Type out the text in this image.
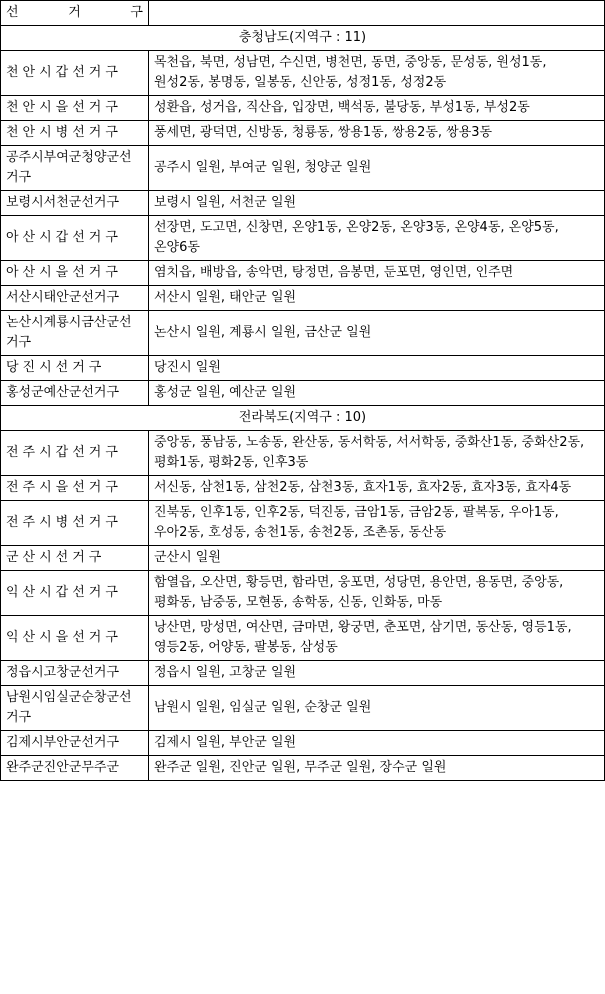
선 거 구	
충청남도(지역구 : 11)	
천안시갑선거구	목천읍, 북면, 성남면, 수신면, 병천면, 동면, 중앙동, 문성동, 원성1동, 원성2동, 봉명동, 일봉동, 신안동, 성정1동, 성정2동
천안시을선거구	성환읍, 성거읍, 직산읍, 입장면, 백석동, 불당동, 부성1동, 부성2동
천안시병선거구	풍세면, 광덕면, 신방동, 청룡동, 쌍용1동, 쌍용2동, 쌍용3동
공주시부여군청양군선거구	공주시 일원, 부여군 일원, 청양군 일원
보령시서천군선거구	보령시 일원, 서천군 일원
아산시갑선거구	선장면, 도고면, 신창면, 온양1동, 온양2동, 온양3동, 온양4동, 온양5동, 온양6동
아산시을선거구	염치읍, 배방읍, 송악면, 탕정면, 음봉면, 둔포면, 영인면, 인주면
서산시태안군선거구	서산시 일원, 태안군 일원
논산시계룡시금산군선거구	논산시 일원, 계룡시 일원, 금산군 일원
당진시선거구	당진시 일원
홍성군예산군선거구	홍성군 일원, 예산군 일원
전라북도(지역구 : 10)	
전주시갑선거구	중앙동, 풍남동, 노송동, 완산동, 동서학동, 서서학동, 중화산1동, 중화산2동, 평화1동, 평화2동, 인후3동
전주시을선거구	서신동, 삼천1동, 삼천2동, 삼천3동, 효자1동, 효자2동, 효자3동, 효자4동
전주시병선거구	진북동, 인후1동, 인후2동, 덕진동, 금암1동, 금암2동, 팔복동, 우아1동, 우아2동, 호성동, 송천1동, 송천2동, 조촌동, 동산동
군산시선거구	군산시 일원
익산시갑선거구	함열읍, 오산면, 황등면, 함라면, 웅포면, 성당면, 용안면, 용동면, 중앙동, 평화동, 남중동, 모현동, 송학동, 신동, 인화동, 마동
익산시을선거구	낭산면, 망성면, 여산면, 금마면, 왕궁면, 춘포면, 삼기면, 동산동, 영등1동, 영등2동, 어양동, 팔봉동, 삼성동
정읍시고창군선거구	정읍시 일원, 고창군 일원
남원시임실군순창군선거구	남원시 일원, 임실군 일원, 순창군 일원
김제시부안군선거구	김제시 일원, 부안군 일원
완주군진안군무주군	완주군 일원, 진안군 일원, 무주군 일원, 장수군 일원
